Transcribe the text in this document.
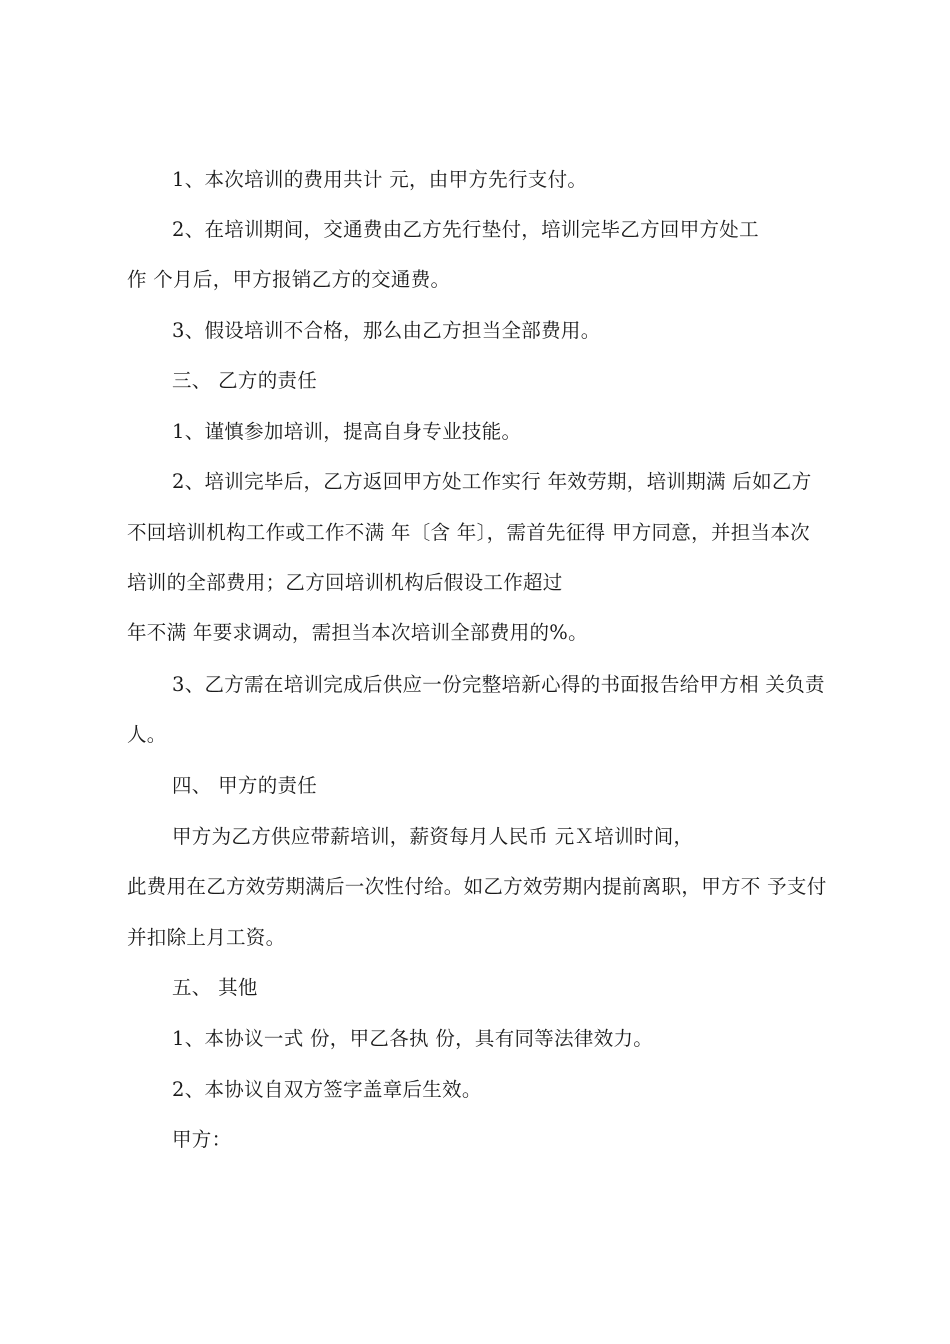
1、本次培训的费用共计 元，由甲方先行支付。
2、在培训期间，交通费由乙方先行垫付，培训完毕乙方回甲方处工
作 个月后，甲方报销乙方的交通费。
3、假设培训不合格，那么由乙方担当全部费用。
三、 乙方的责任
1、谨慎参加培训，提高自身专业技能。
2、培训完毕后，乙方返回甲方处工作实行 年效劳期，培训期满 后如乙方
不回培训机构工作或工作不满 年〔含 年〕，需首先征得 甲方同意，并担当本次
培训的全部费用；乙方回培训机构后假设工作超过
年不满 年要求调动，需担当本次培训全部费用的%。
3、乙方需在培训完成后供应一份完整培新心得的书面报告给甲方相 关负责
人。
四、 甲方的责任
甲方为乙方供应带薪培训，薪资每月人民币 元Ｘ培训时间，
此费用在乙方效劳期满后一次性付给。如乙方效劳期内提前离职，甲方不 予支付
并扣除上月工资。
五、 其他
1、本协议一式 份，甲乙各执 份，具有同等法律效力。
2、本协议自双方签字盖章后生效。
甲方：
